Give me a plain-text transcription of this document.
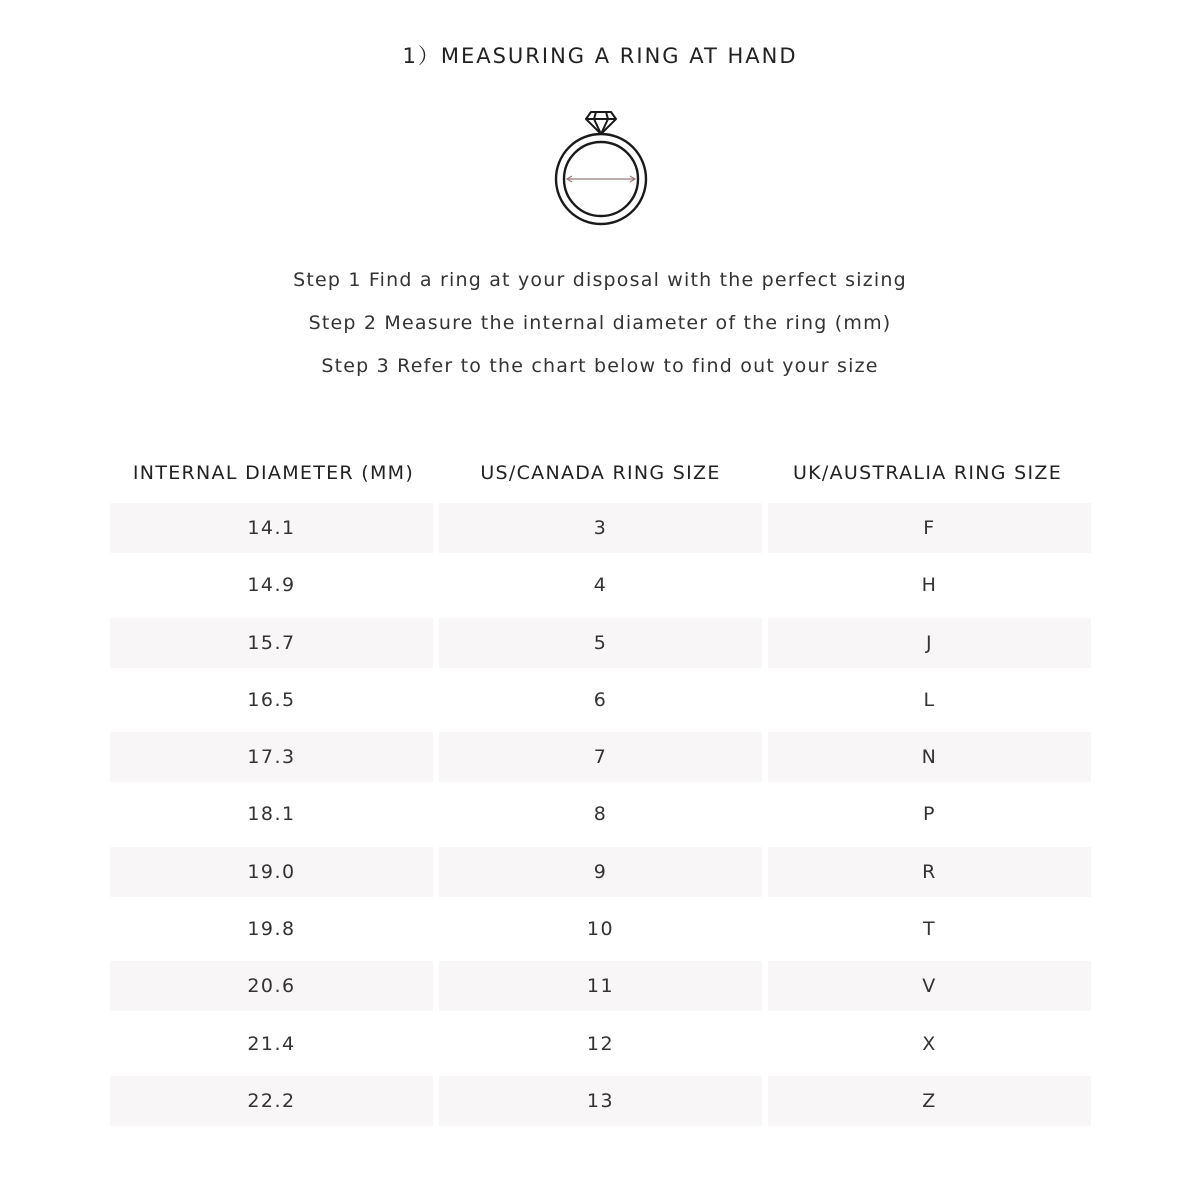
1）MEASURING A RING AT HAND
Step 1 Find a ring at your disposal with the perfect sizing
Step 2 Measure the internal diameter of the ring (mm)
Step 3 Refer to the chart below to find out your size
INTERNAL DIAMETER (MM)	US/CANADA RING SIZE	UK/AUSTRALIA RING SIZE
14.1	3	F
14.9	4	H
15.7	5	J
16.5	6	L
17.3	7	N
18.1	8	P
19.0	9	R
19.8	10	T
20.6	11	V
21.4	12	X
22.2	13	Z
